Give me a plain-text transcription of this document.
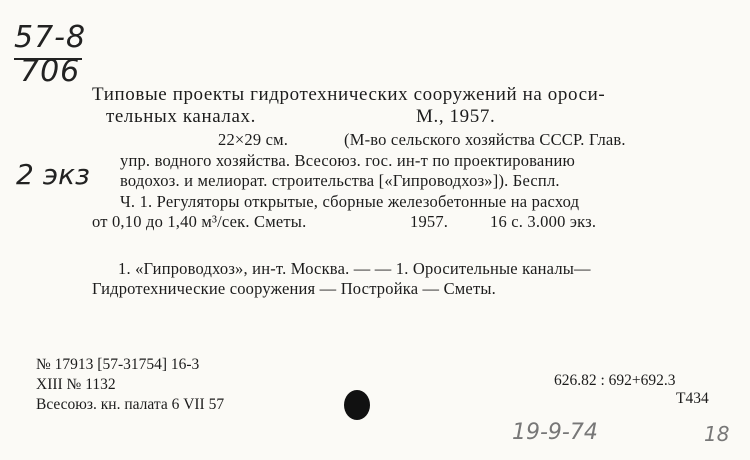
57-8
706
2 экз
Типовые проекты гидротехнических сооружений на ороси-
тельных каналах.	М., 1957.
22×29 см.	(М-во сельского хозяйства СССР. Глав.
упр. водного хозяйства. Всесоюз. гос. ин-т по проектированию
водохоз. и мелиорат. строительства [«Гипроводхоз»]). Беспл.
Ч. 1. Регуляторы открытые, сборные железобетонные на расход
от 0,10 до 1,40 м³/сек. Сметы.	1957.	16 с. 3.000 экз.
1. «Гипроводхоз», ин-т. Москва. — — 1. Оросительные каналы—
Гидротехнические сооружения — Постройка — Сметы.
№ 17913 [57-31754] 16-3
XIII № 1132
Всесоюз. кн. палата 6 VII 57
626.82 : 692+692.3
Т434
19-9-74	18
